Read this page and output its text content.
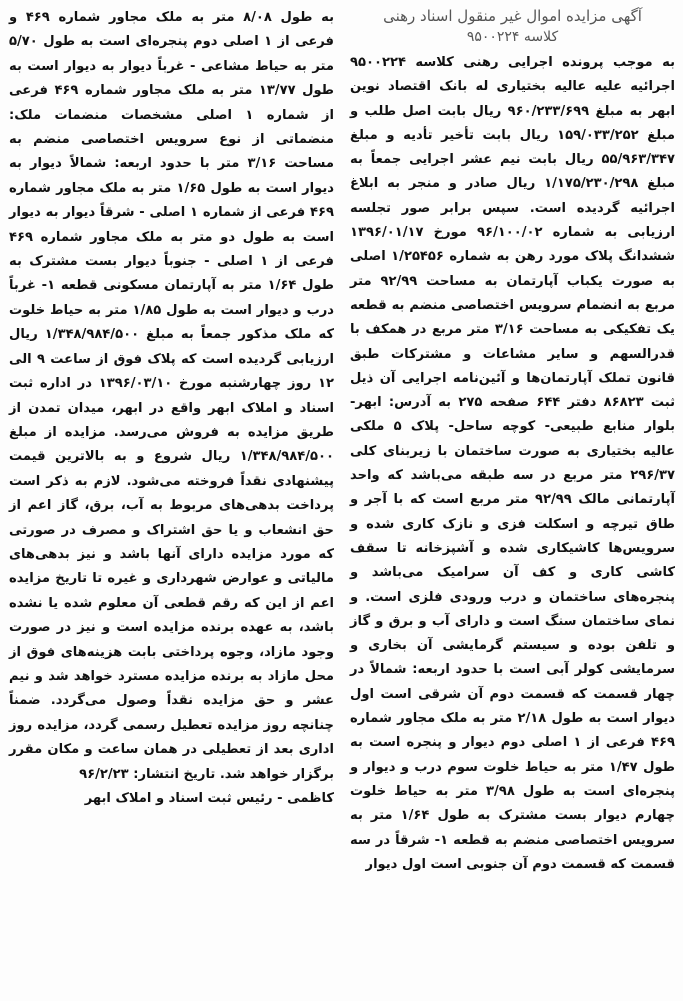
آگهی مزایده اموال غیر منقول اسناد رهنی
کلاسه ۹۵۰۰۲۲۴

به موجب پرونده اجرایی رهنی کلاسه ۹۵۰۰۲۲۴ اجرائیه علیه عالیه بختیاری له بانک اقتصاد نوین ابهر به مبلغ ۹۶۰/۲۳۳/۶۹۹ ریال بابت اصل طلب و مبلغ ۱۵۹/۰۳۳/۲۵۲ ریال بابت تأخیر تأدیه و مبلغ ۵۵/۹۶۳/۳۴۷ ریال بابت نیم عشر اجرایی جمعاً به مبلغ ۱/۱۷۵/۲۳۰/۲۹۸ ریال صادر و منجر به ابلاغ اجرائیه گردیده است. سپس برابر صور تجلسه ارزیابی به شماره ۹۶/۱۰۰/۰۲ مورخ ۱۳۹۶/۰۱/۱۷ ششدانگ پلاک مورد رهن به شماره ۱/۲۵۴۵۶ اصلی به صورت یکباب آپارتمان به مساحت ۹۲/۹۹ متر مربع به انضمام سرویس اختصاصی منضم به قطعه یک تفکیکی به مساحت ۳/۱۶ متر مربع در همکف با قدرالسهم و سایر مشاعات و مشترکات طبق قانون تملک آپارتمان‌ها و آئین‌نامه اجرایی آن ذیل ثبت ۸۶۸۲۳ دفتر ۶۴۴ صفحه ۲۷۵ به آدرس: ابهر- بلوار منابع طبیعی- کوچه ساحل- پلاک ۵ ملکی عالیه بختیاری به صورت ساختمان با زیربنای کلی ۲۹۶/۳۷ متر مربع در سه طبقه می‌باشد که واحد آپارتمانی مالک ۹۲/۹۹ متر مربع است که با آجر و طاق تیرچه و اسکلت فزی و نازک کاری شده و سرویس‌ها کاشیکاری شده و آشپزخانه تا سقف کاشی کاری و کف آن سرامیک می‌باشد و پنجره‌های ساختمان و درب ورودی فلزی است. و نمای ساختمان سنگ است و دارای آب و برق و گاز و تلفن بوده و سیستم گرمایشی آن بخاری و سرمایشی کولر آبی است با حدود اربعه: شمالاً در چهار قسمت که قسمت دوم آن شرقی است اول دیوار است به طول ۲/۱۸ متر به ملک مجاور شماره ۴۶۹ فرعی از ۱ اصلی دوم دیوار و پنجره است به طول ۱/۴۷ متر به حیاط خلوت سوم درب و دیوار و پنجره‌ای است به طول ۳/۹۸ متر به حیاط خلوت چهارم دیوار بست مشترک به طول ۱/۶۴ متر به سرویس اختصاصی منضم به قطعه ۱- شرقاً در سه قسمت که قسمت دوم آن جنوبی است اول دیوار

به طول ۸/۰۸ متر به ملک مجاور شماره ۴۶۹ و فرعی از ۱ اصلی دوم پنجره‌ای است به طول ۵/۷۰ متر به حیاط مشاعی - غرباً دیوار به دیوار است به طول ۱۳/۷۷ متر به ملک مجاور شماره ۴۶۹ فرعی از شماره ۱ اصلی مشخصات منضمات ملک: منضماتی از نوع سرویس اختصاصی منضم به مساحت ۳/۱۶ متر با حدود اربعه: شمالاً دیوار به دیوار است به طول ۱/۶۵ متر به ملک مجاور شماره ۴۶۹ فرعی از شماره ۱ اصلی - شرقاً دیوار به دیوار است به طول دو متر به ملک مجاور شماره ۴۶۹ فرعی از ۱ اصلی - جنوباً دیوار بست مشترک به طول ۱/۶۴ متر به آپارتمان مسکونی قطعه ۱- غرباً درب و دیوار است به طول ۱/۸۵ متر به حیاط خلوت که ملک مذکور جمعاً به مبلغ ۱/۳۴۸/۹۸۴/۵۰۰ ریال ارزیابی گردیده است که پلاک فوق از ساعت ۹ الی ۱۲ روز چهارشنبه مورخ ۱۳۹۶/۰۳/۱۰ در اداره ثبت اسناد و املاک ابهر واقع در ابهر، میدان تمدن از طریق مزایده به فروش می‌رسد. مزایده از مبلغ ۱/۳۴۸/۹۸۴/۵۰۰ ریال شروع و به بالاترین قیمت پیشنهادی نقداً فروخته می‌شود. لازم به ذکر است پرداخت بدهی‌های مربوط به آب، برق، گاز اعم از حق انشعاب و یا حق اشتراک و مصرف در صورتی که مورد مزایده دارای آنها باشد و نیز بدهی‌های مالیاتی و عوارض شهرداری و غیره تا تاریخ مزایده اعم از این که رقم قطعی آن معلوم شده یا نشده باشد، به عهده برنده مزایده است و نیز در صورت وجود مازاد، وجوه پرداختی بابت هزینه‌های فوق از محل مازاد به برنده مزایده مسترد خواهد شد و نیم عشر و حق مزایده نقداً وصول می‌گردد. ضمناً چنانچه روز مزایده تعطیل رسمی گردد، مزایده روز اداری بعد از تعطیلی در همان ساعت و مکان مقرر برگزار خواهد شد. تاریخ انتشار: ۹۶/۲/۲۳

کاظمی - رئیس ثبت اسناد و املاک ابهر
